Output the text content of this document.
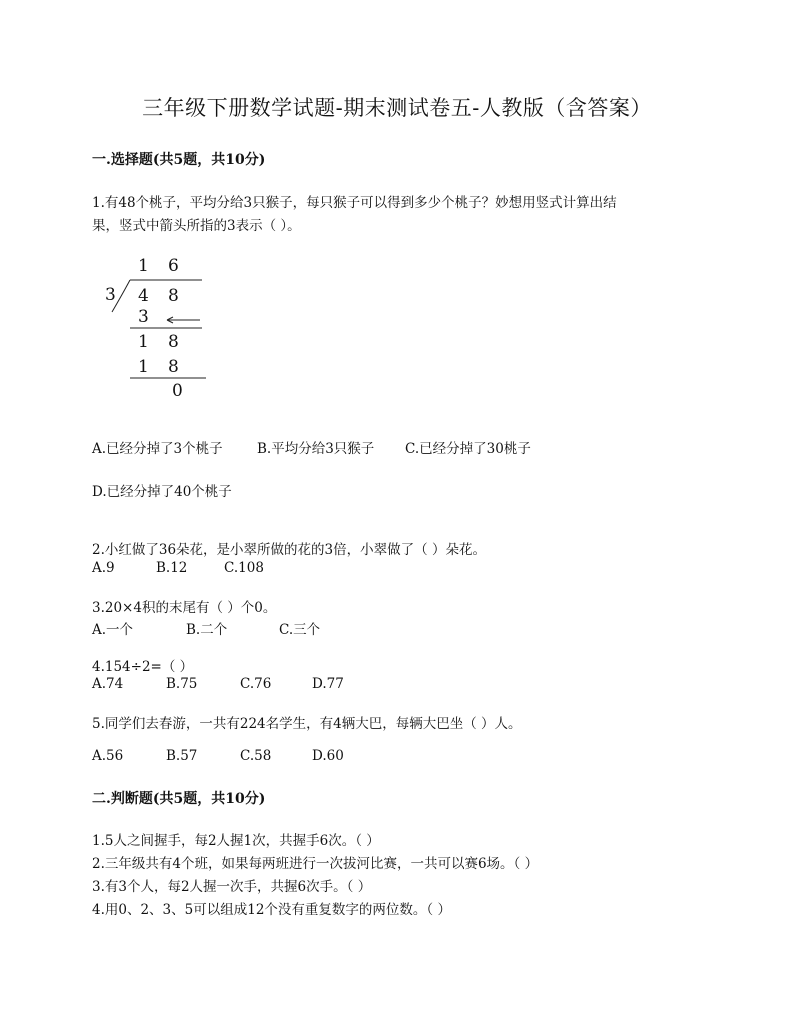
三年级下册数学试题-期末测试卷五-人教版（含答案）
一.选择题(共5题，共10分)
1.有48个桃子，平均分给3只猴子，每只猴子可以得到多少个桃子？妙想用竖式计算出结
果，竖式中箭头所指的3表示（ ）。
1 6
3 4 8
3
1 8
1 8
0
A.已经分掉了3个桃子	B.平均分给3只猴子 C.已经分掉了30桃子
D.已经分掉了40个桃子
2.小红做了36朵花，是小翠所做的花的3倍，小翠做了（ ）朵花。
A.9	B.12	C.108
3.20×4积的末尾有（ ）个0。
A.一个	B.二个	C.三个
4.154÷2=（ ）
A.74	B.75	C.76	D.77
5.同学们去春游，一共有224名学生，有4辆大巴，每辆大巴坐（ ）人。
A.56	B.57	C.58	D.60
二.判断题(共5题，共10分)
1.5人之间握手，每2人握1次，共握手6次。（ ）
2.三年级共有4个班，如果每两班进行一次拔河比赛，一共可以赛6场。（ ）
3.有3个人，每2人握一次手，共握6次手。（ ）
4.用0、2、3、5可以组成12个没有重复数字的两位数。（ ）
